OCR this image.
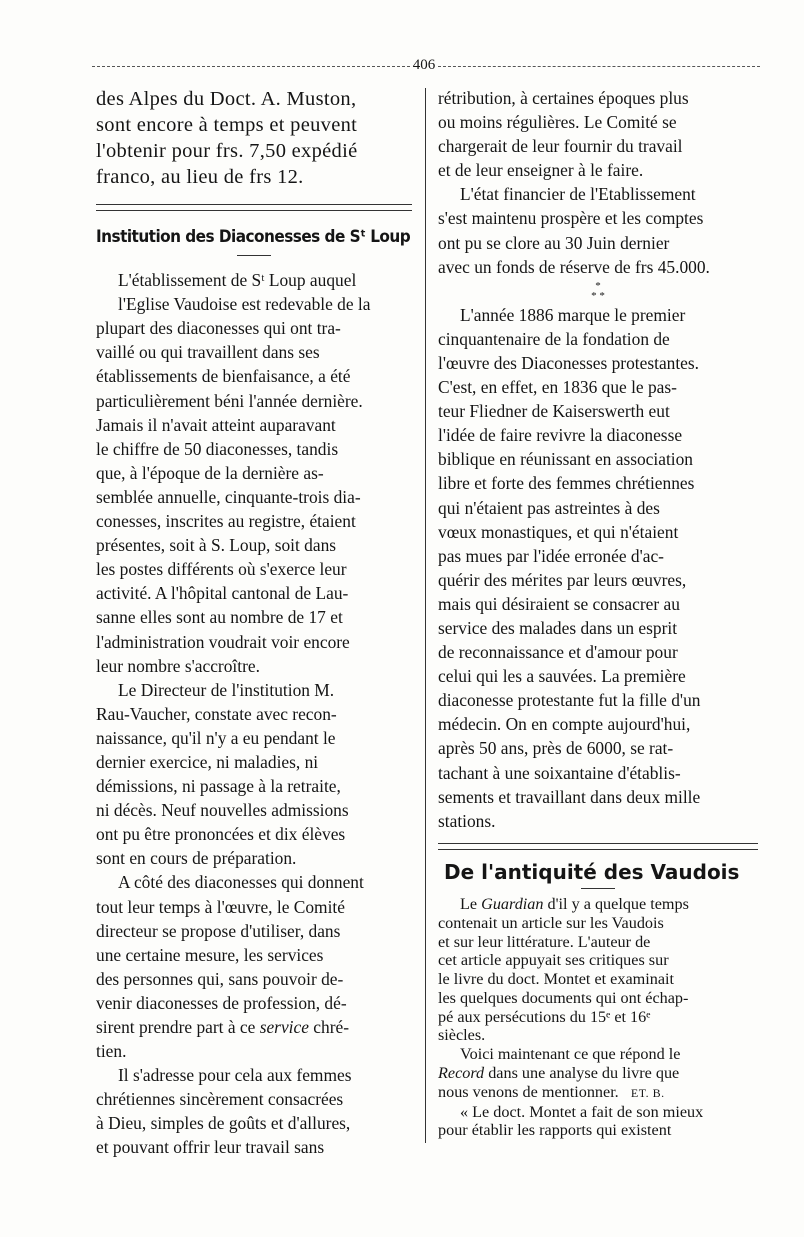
406
des Alpes du Doct. A. Muston,
sont encore à temps et peuvent
l'obtenir pour frs. 7,50 expédié
franco, au lieu de frs 12.
Institution des Diaconesses de Sᵗ Loup
L'établissement de Sᵗ Loup auquel
l'Eglise Vaudoise est redevable de la
plupart des diaconesses qui ont tra-
vaillé ou qui travaillent dans ses
établissements de bienfaisance, a été
particulièrement béni l'année dernière.
Jamais il n'avait atteint auparavant
le chiffre de 50 diaconesses, tandis
que, à l'époque de la dernière as-
semblée annuelle, cinquante-trois dia-
conesses, inscrites au registre, étaient
présentes, soit à S. Loup, soit dans
les postes différents où s'exerce leur
activité. A l'hôpital cantonal de Lau-
sanne elles sont au nombre de 17 et
l'administration voudrait voir encore
leur nombre s'accroître.
Le Directeur de l'institution M.
Rau-Vaucher, constate avec recon-
naissance, qu'il n'y a eu pendant le
dernier exercice, ni maladies, ni
démissions, ni passage à la retraite,
ni décès. Neuf nouvelles admissions
ont pu être prononcées et dix élèves
sont en cours de préparation.
A côté des diaconesses qui donnent
tout leur temps à l'œuvre, le Comité
directeur se propose d'utiliser, dans
une certaine mesure, les services
des personnes qui, sans pouvoir de-
venir diaconesses de profession, dé-
sirent prendre part à ce service chré-
tien.
Il s'adresse pour cela aux femmes
chrétiennes sincèrement consacrées
à Dieu, simples de goûts et d'allures,
et pouvant offrir leur travail sans
rétribution, à certaines époques plus
ou moins régulières. Le Comité se
chargerait de leur fournir du travail
et de leur enseigner à le faire.
L'état financier de l'Etablissement
s'est maintenu prospère et les comptes
ont pu se clore au 30 Juin dernier
avec un fonds de réserve de frs 45.000.
*
* *
L'année 1886 marque le premier
cinquantenaire de la fondation de
l'œuvre des Diaconesses protestantes.
C'est, en effet, en 1836 que le pas-
teur Fliedner de Kaiserswerth eut
l'idée de faire revivre la diaconesse
biblique en réunissant en association
libre et forte des femmes chrétiennes
qui n'étaient pas astreintes à des
vœux monastiques, et qui n'étaient
pas mues par l'idée erronée d'ac-
quérir des mérites par leurs œuvres,
mais qui désiraient se consacrer au
service des malades dans un esprit
de reconnaissance et d'amour pour
celui qui les a sauvées. La première
diaconesse protestante fut la fille d'un
médecin. On en compte aujourd'hui,
après 50 ans, près de 6000, se rat-
tachant à une soixantaine d'établis-
sements et travaillant dans deux mille
stations.
De l'antiquité des Vaudois
Le Guardian d'il y a quelque temps
contenait un article sur les Vaudois
et sur leur littérature. L'auteur de
cet article appuyait ses critiques sur
le livre du doct. Montet et examinait
les quelques documents qui ont échap-
pé aux persécutions du 15ᵉ et 16ᵉ
siècles.
Voici maintenant ce que répond le
Record dans une analyse du livre que
nous venons de mentionner. ET. B.
« Le doct. Montet a fait de son mieux
pour établir les rapports qui existent
